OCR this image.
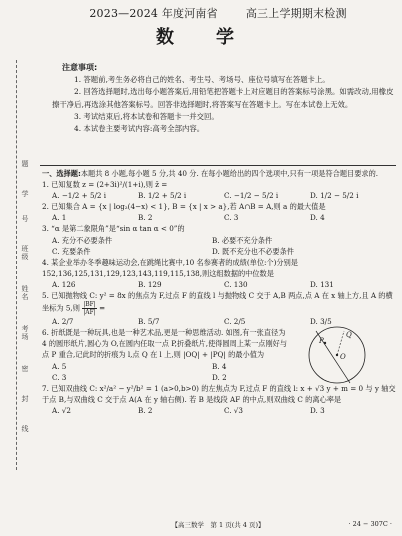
题
学
号
班级
姓名
考场
密
封
线
2023—2024 年度河南省	高三上学期期末检测
数　学
注意事项:

1. 答题前,考生务必将自己的姓名、考生号、考场号、座位号填写在答题卡上。

2. 回答选择题时,选出每小题答案后,用铅笔把答题卡上对应题目的答案标号涂黑。如需改动,用橡皮擦干净后,再选涂其他答案标号。回答非选择题时,将答案写在答题卡上。写在本试卷上无效。

3. 考试结束后,将本试卷和答题卡一并交回。

4. 本试卷主要考试内容:高考全部内容。

一、选择题:本题共 8 小题,每小题 5 分,共 40 分. 在每小题给出的四个选项中,只有一项是符合题目要求的.

1. 已知复数 z = (2+3i)²/(1+i),则 z̄ =

A. −1/2 + 5/2 i	B. 1/2 + 5/2 i	C. −1/2 − 5/2 i	D. 1/2 − 5/2 i

2. 已知集合 A = {x | log₂(4−x) < 1}, B = {x | x > a},若 A∩B = A,则 a 的最大值是

A. 1	B. 2	C. 3	D. 4

3. “α 是第二象限角”是“sin α tan α < 0”的

A. 充分不必要条件	B. 必要不充分条件
C. 充要条件	D. 既不充分也不必要条件

4. 某企业举办冬季趣味运动会,在跳绳比赛中,10 名参赛者的成绩(单位:个)分别是 152,136,125,131,129,123,143,119,115,138,则这组数据的中位数是

A. 126	B. 129	C. 130	D. 131

5. 已知抛物线 C: y² = 8x 的焦点为 F,过点 F 的直线 l 与抛物线 C 交于 A,B 两点,点 A 在 x 轴上方,且 A 的横坐标为 5,则 $\frac{|BF|}{|AF|}$ =

A. 2/7	B. 5/7	C. 2/5	D. 3/5

6. 折纸既是一种玩具,也是一种艺术品,更是一种思维活动. 如图,有一张直径为 4 的圆形纸片,圆心为 O,在圆内任取一点 P,折叠纸片,使得圆周上某一点刚好与点 P 重合,记此时的折痕为 l,点 Q 在 l 上,则 |OQ| + |PQ| 的最小值为

P
O
Q
A. 5	B. 4
C. 3	D. 2

7. 已知双曲线 C: x²/a² − y²/b² = 1 (a>0,b>0) 的左焦点为 F,过点 F 的直线 l: x + √3 y + m = 0 与 y 轴交于点 B,与双曲线 C 交于点 A(A 在 y 轴右侧). 若 B 是线段 AF 的中点,则双曲线 C 的离心率是

A. √2	B. 2	C. √3	D. 3
【高三数学　第 1 页(共 4 页)】	· 24 − 307C ·
